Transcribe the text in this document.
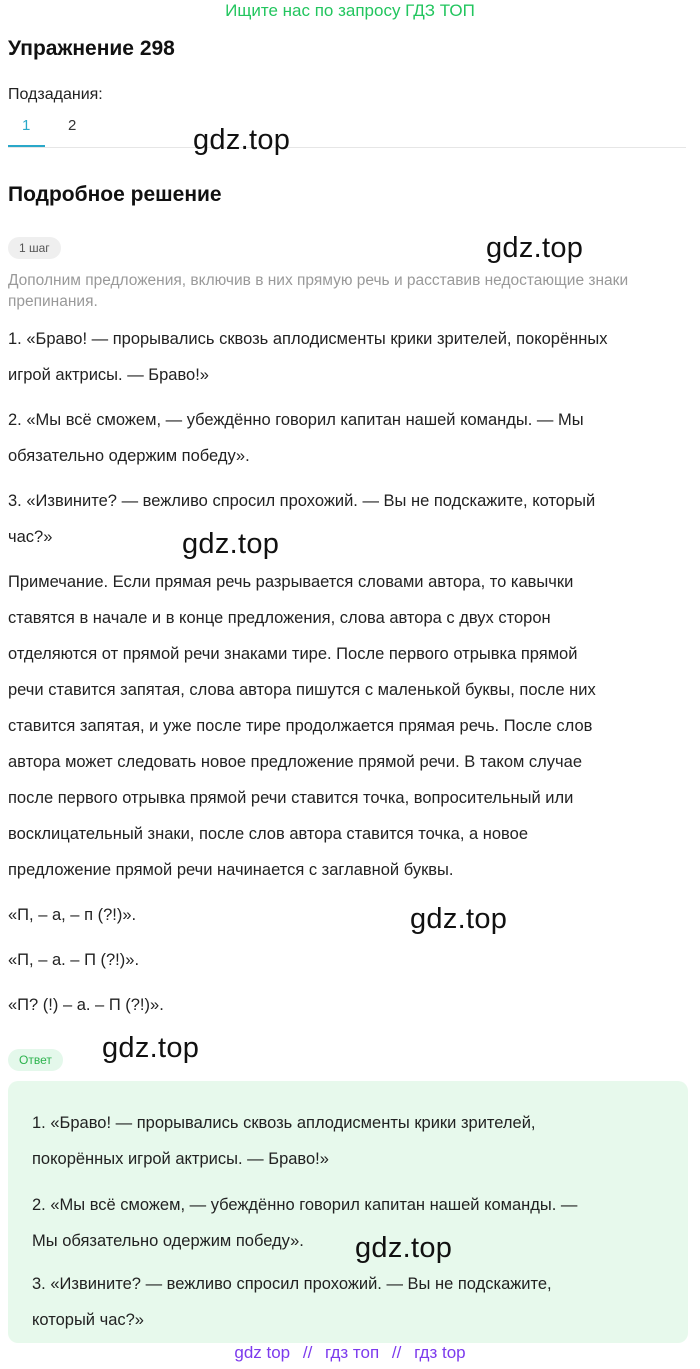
Ищите нас по запросу ГДЗ ТОП
Упражнение 298
Подзадания:
1	2	gdz.top
Подробное решение
1 шаг	gdz.top
Дополним предложения, включив в них прямую речь и расставив недостающие знаки препинания.
1. «Браво! — прорывались сквозь аплодисменты крики зрителей, покорённых
игрой актрисы. — Браво!»
2. «Мы всё сможем, — убеждённо говорил капитан нашей команды. — Мы
обязательно одержим победу».
3. «Извините? — вежливо спросил прохожий. — Вы не подскажите, который
час?»	gdz.top
Примечание. Если прямая речь разрывается словами автора, то кавычки
ставятся в начале и в конце предложения, слова автора с двух сторон
отделяются от прямой речи знаками тире. После первого отрывка прямой
речи ставится запятая, слова автора пишутся с маленькой буквы, после них
ставится запятая, и уже после тире продолжается прямая речь. После слов
автора может следовать новое предложение прямой речи. В таком случае
после первого отрывка прямой речи ставится точка, вопросительный или
восклицательный знаки, после слов автора ставится точка, а новое
предложение прямой речи начинается с заглавной буквы.
«П, – а, – п (?!)».	gdz.top
«П, – а. – П (?!)».
«П? (!) – а. – П (?!)».
Ответ	gdz.top
1. «Браво! — прорывались сквозь аплодисменты крики зрителей,
покорённых игрой актрисы. — Браво!»
2. «Мы всё сможем, — убеждённо говорил капитан нашей команды. —
Мы обязательно одержим победу».	gdz.top
3. «Извините? — вежливо спросил прохожий. — Вы не подскажите,
который час?»
gdz top // гдз топ // гдз top
